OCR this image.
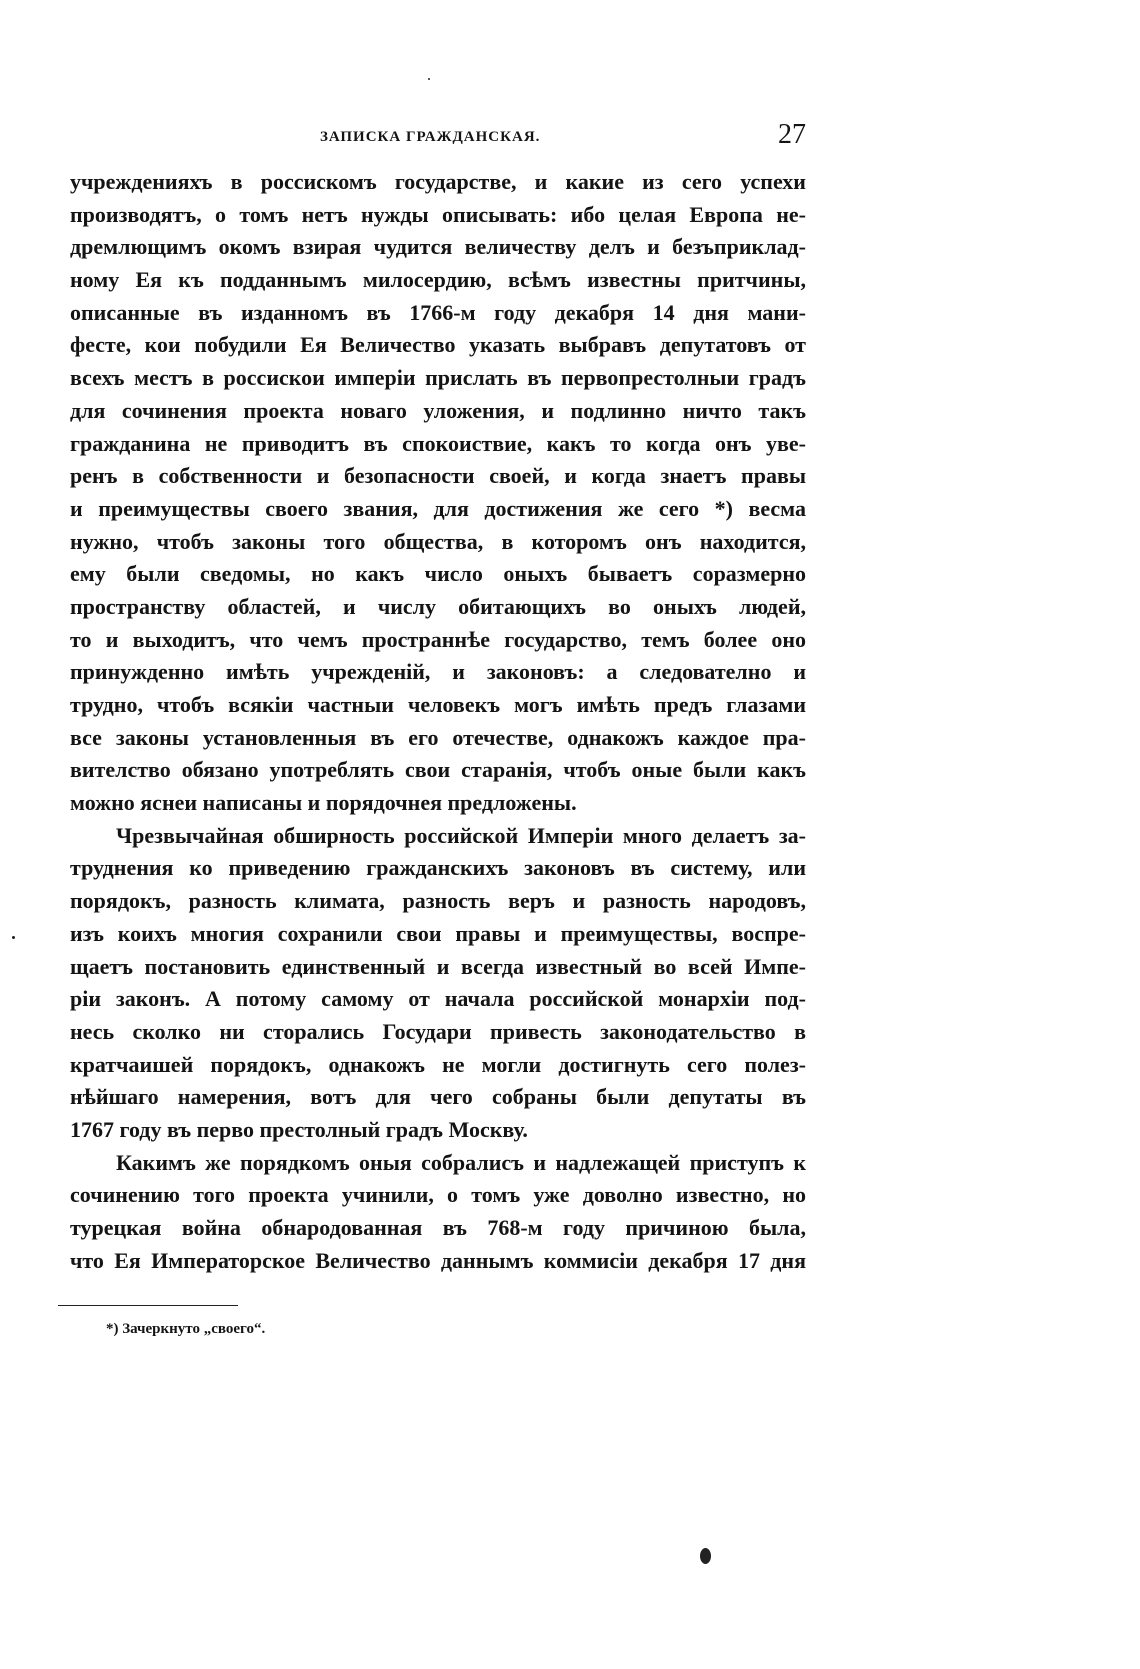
ЗАПИСКА ГРАЖДАНСКАЯ.	27

учрежденияхъ в россискомъ государстве, и какие из сего успехи
производятъ, о томъ нетъ нужды описывать: ибо целая Европа не-
дремлющимъ окомъ взирая чудится величеству делъ и безъприклад-
ному Ея къ подданнымъ милосердию, всѣмъ известны притчины,
описанные въ изданномъ въ 1766-м году декабря 14 дня мани-
фесте, кои побудили Ея Величество указать выбравъ депутатовъ от
всехъ местъ в россискои имперіи прислать въ первопрестолныи градъ
для сочинения проекта новаго уложения, и подлинно ничто такъ
гражданина не приводитъ въ спокоиствие, какъ то когда онъ уве-
ренъ в собственности и безопасности своей, и когда знаетъ правы
и преимуществы своего звания, для достижения же сего *) весма
нужно, чтобъ законы того общества, в которомъ онъ находится,
ему были сведомы, но какъ число оныхъ бываетъ соразмерно
пространству областей, и числу обитающихъ во оныхъ людей,
то и выходитъ, что чемъ пространнѣе государство, темъ более оно
принужденно имѣть учрежденій, и законовъ: а следователно и
трудно, чтобъ всякіи частныи человекъ могъ имѣть предъ глазами
все законы установленныя въ его отечестве, однакожъ каждое пра-
вителство обязано употреблять свои старанія, чтобъ оные были какъ
можно яснеи написаны и порядочнея предложены.

Чрезвычайная обширность российской Имперіи много делаетъ за-
труднения ко приведению гражданскихъ законовъ въ систему, или
порядокъ, разность климата, разность веръ и разность народовъ,
изъ коихъ многия сохранили свои правы и преимуществы, воспре-
щаетъ постановить единственный и всегда известный во всей Импе-
ріи законъ. А потому самому от начала российской монархіи под-
несь сколко ни сторались Государи привесть законодательство в
кратчаишей порядокъ, однакожъ не могли достигнуть сего полез-
нѣйшаго намерения, вотъ для чего собраны были депутаты въ
1767 году въ перво престолный градъ Москву.

Какимъ же порядкомъ оныя собралисъ и надлежащей приступъ к
сочинению того проекта учинили, о томъ уже доволно известно, но
турецкая война обнародованная въ 768-м году причиною была,
что Ея Императорское Величество даннымъ коммисіи декабря 17 дня

*) Зачеркнуто „своего“.
